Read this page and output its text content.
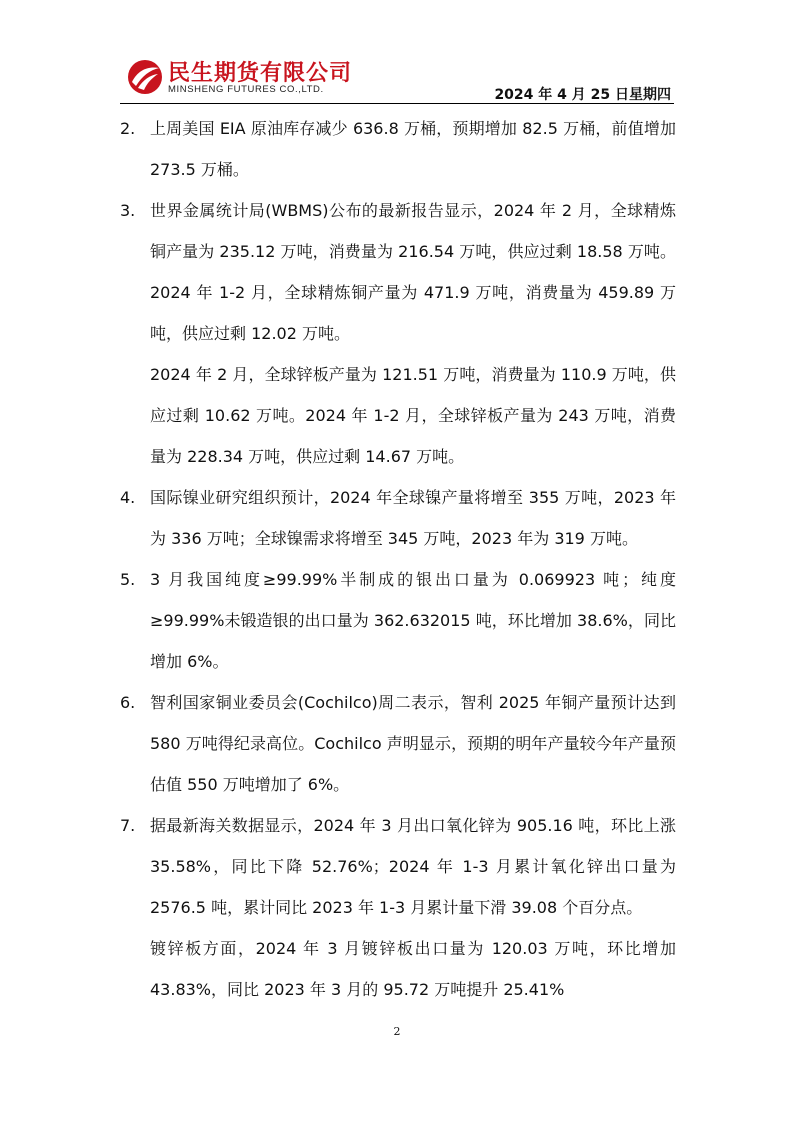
民生期货有限公司
MINSHENG FUTURES CO.,LTD.	2024 年 4 月 25 日星期四
2. 上周美国 EIA 原油库存减少 636.8 万桶，预期增加 82.5 万桶，前值增加 273.5 万桶。

3. 世界金属统计局(WBMS)公布的最新报告显示，2024 年 2 月，全球精炼铜产量为 235.12 万吨，消费量为 216.54 万吨，供应过剩 18.58 万吨。2024 年 1-2 月，全球精炼铜产量为 471.9 万吨，消费量为 459.89 万吨，供应过剩 12.02 万吨。

2024 年 2 月，全球锌板产量为 121.51 万吨，消费量为 110.9 万吨，供应过剩 10.62 万吨。2024 年 1-2 月，全球锌板产量为 243 万吨，消费量为 228.34 万吨，供应过剩 14.67 万吨。

4. 国际镍业研究组织预计，2024 年全球镍产量将增至 355 万吨，2023 年为 336 万吨；全球镍需求将增至 345 万吨，2023 年为 319 万吨。

5. 3 月我国纯度≥99.99%半制成的银出口量为 0.069923 吨；纯度≥99.99%未锻造银的出口量为 362.632015 吨，环比增加 38.6%，同比增加 6%。

6. 智利国家铜业委员会(Cochilco)周二表示，智利 2025 年铜产量预计达到 580 万吨得纪录高位。Cochilco 声明显示，预期的明年产量较今年产量预估值 550 万吨增加了 6%。

7. 据最新海关数据显示，2024 年 3 月出口氧化锌为 905.16 吨，环比上涨 35.58%，同比下降 52.76%；2024 年 1-3 月累计氧化锌出口量为 2576.5 吨，累计同比 2023 年 1-3 月累计量下滑 39.08 个百分点。

镀锌板方面，2024 年 3 月镀锌板出口量为 120.03 万吨，环比增加 43.83%，同比 2023 年 3 月的 95.72 万吨提升 25.41%

2
